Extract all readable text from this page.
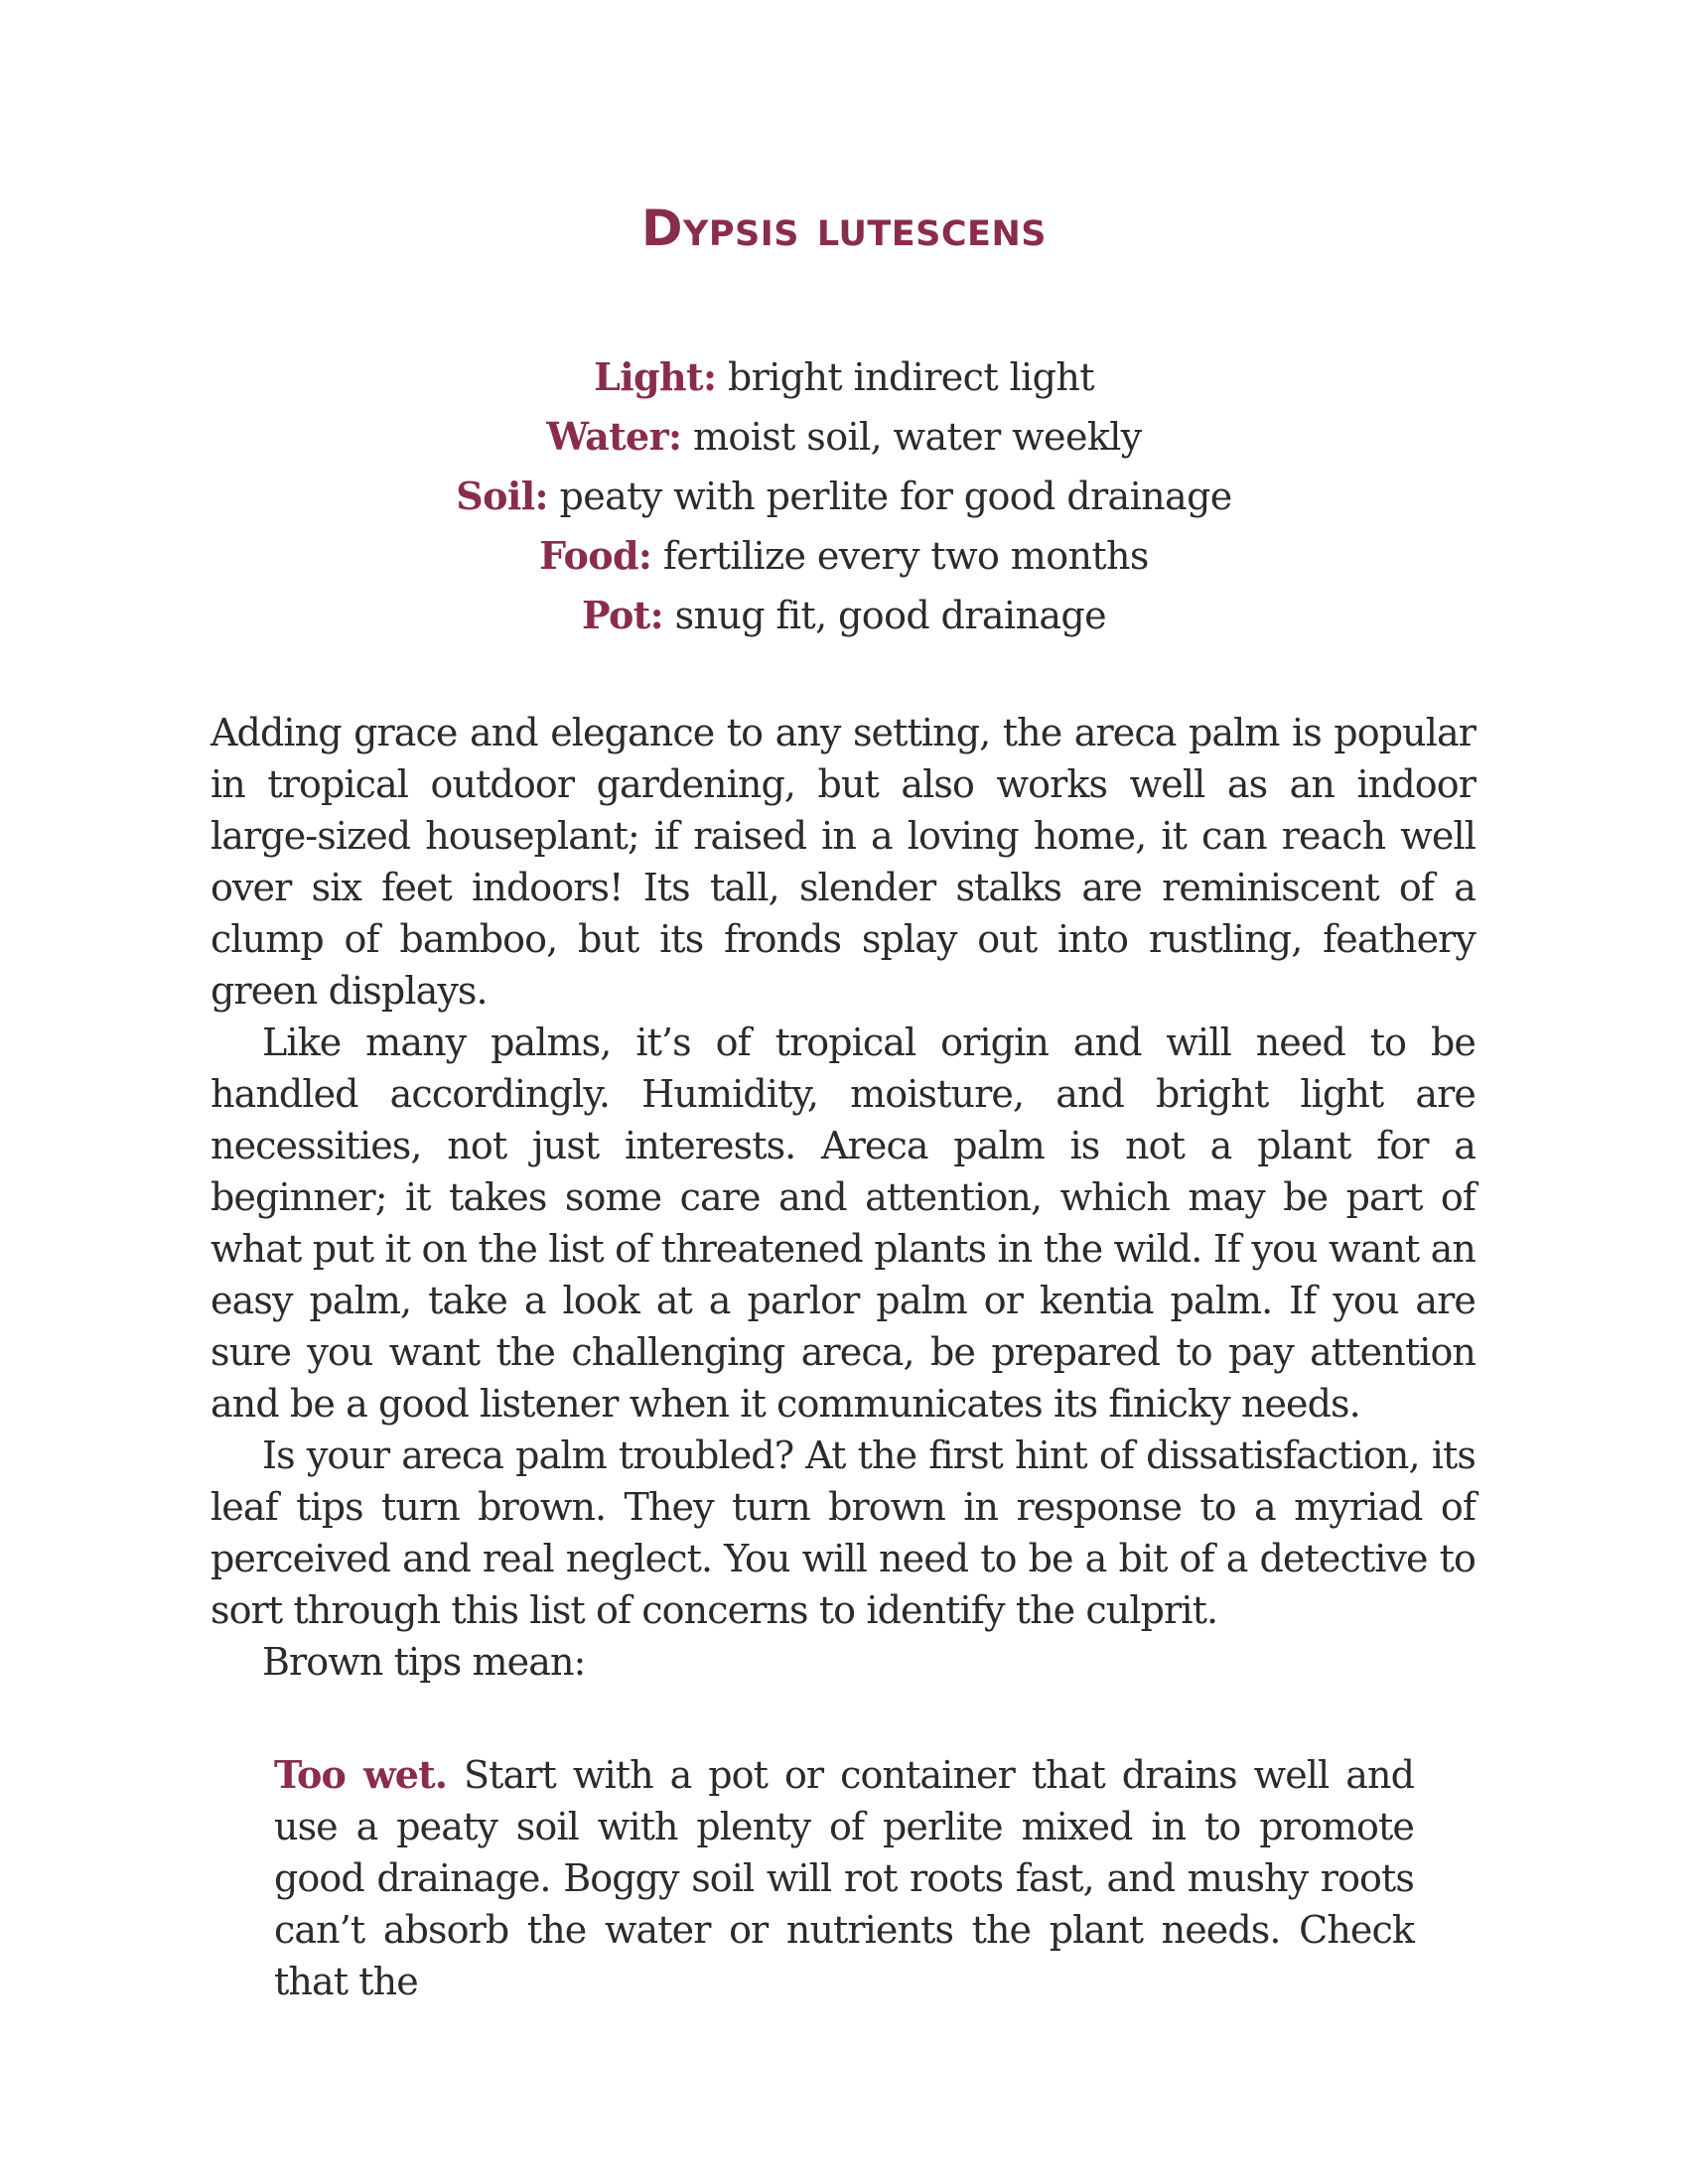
Dypsis lutescens
Light: bright indirect light
Water: moist soil, water weekly
Soil: peaty with perlite for good drainage
Food: fertilize every two months
Pot: snug fit, good drainage

Adding grace and elegance to any setting, the areca palm is popular in tropical outdoor gardening, but also works well as an indoor large-sized houseplant; if raised in a loving home, it can reach well over six feet indoors! Its tall, slender stalks are reminiscent of a clump of bamboo, but its fronds splay out into rustling, feathery green displays.

Like many palms, it’s of tropical origin and will need to be handled accordingly. Humidity, moisture, and bright light are necessities, not just interests. Areca palm is not a plant for a beginner; it takes some care and attention, which may be part of what put it on the list of threatened plants in the wild. If you want an easy palm, take a look at a parlor palm or kentia palm. If you are sure you want the challenging areca, be prepared to pay attention and be a good listener when it communicates its finicky needs.

Is your areca palm troubled? At the first hint of dissatisfaction, its leaf tips turn brown. They turn brown in response to a myriad of perceived and real neglect. You will need to be a bit of a detective to sort through this list of concerns to identify the culprit.

Brown tips mean:

Too wet. Start with a pot or container that drains well and use a peaty soil with plenty of perlite mixed in to promote good drainage. Boggy soil will rot roots fast, and mushy roots can’t absorb the water or nutrients the plant needs. Check that the
